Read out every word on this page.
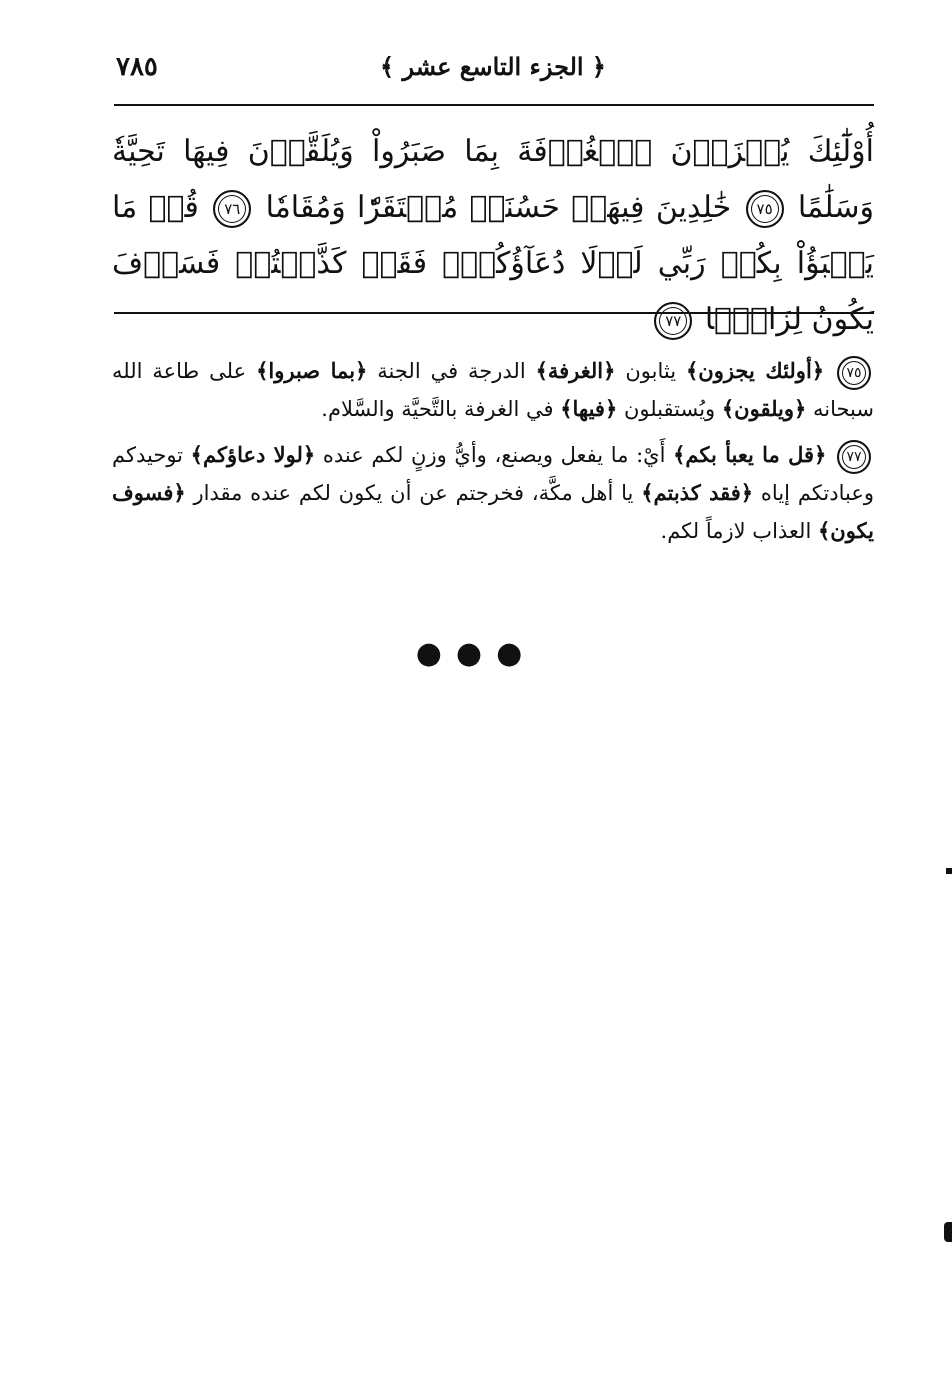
٧٨٥	﴿ الجزء التاسع عشر ﴾
أُوْلَٰٓئِكَ يُجۡزَوۡنَ ٱلۡغُرۡفَةَ بِمَا صَبَرُواْ وَيُلَقَّوۡنَ فِيهَا تَحِيَّةٗ وَسَلَٰمًا ٧٥ خَٰلِدِينَ فِيهَاۚ حَسُنَتۡ مُسۡتَقَرّٗا وَمُقَامٗا ٧٦ قُلۡ مَا يَعۡبَؤُاْ بِكُمۡ رَبِّي لَوۡلَا دُعَآؤُكُمۡۖ فَقَدۡ كَذَّبۡتُمۡ فَسَوۡفَ يَكُونُ لِزَامَۢا ٧٧

٧٥ ﴿أولئك يجزون﴾ يثابون ﴿الغرفة﴾ الدرجة في الجنة ﴿بما صبروا﴾ على طاعة الله سبحانه ﴿ويلقون﴾ ويُستقبلون ﴿فيها﴾ في الغرفة بالتَّحيَّة والسَّلام.

٧٧ ﴿قل ما يعبأ بكم﴾ أَيْ: ما يفعل ويصنع، وأيُّ وزنٍ لكم عنده ﴿لولا دعاؤكم﴾ توحيدكم وعبادتكم إياه ﴿فقد كذبتم﴾ يا أهل مكَّة، فخرجتم عن أن يكون لكم عنده مقدار ﴿فسوف يكون﴾ العذاب لازماً لكم.

●●●
